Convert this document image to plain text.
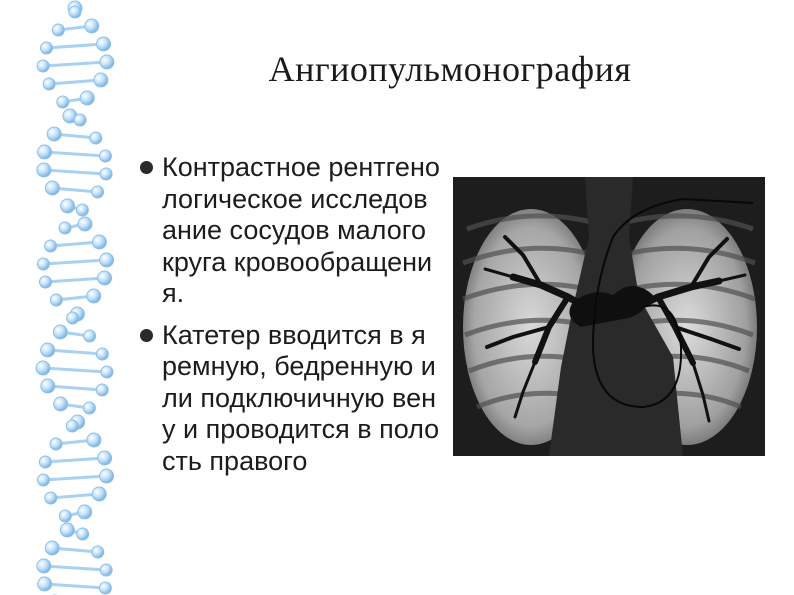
Ангиопульмонография
Контрастное рентгенологическое исследование сосудов малого круга кровообращения.
Катетер вводится в яремную, бедренную или подключичную вену и проводится в полость правого
